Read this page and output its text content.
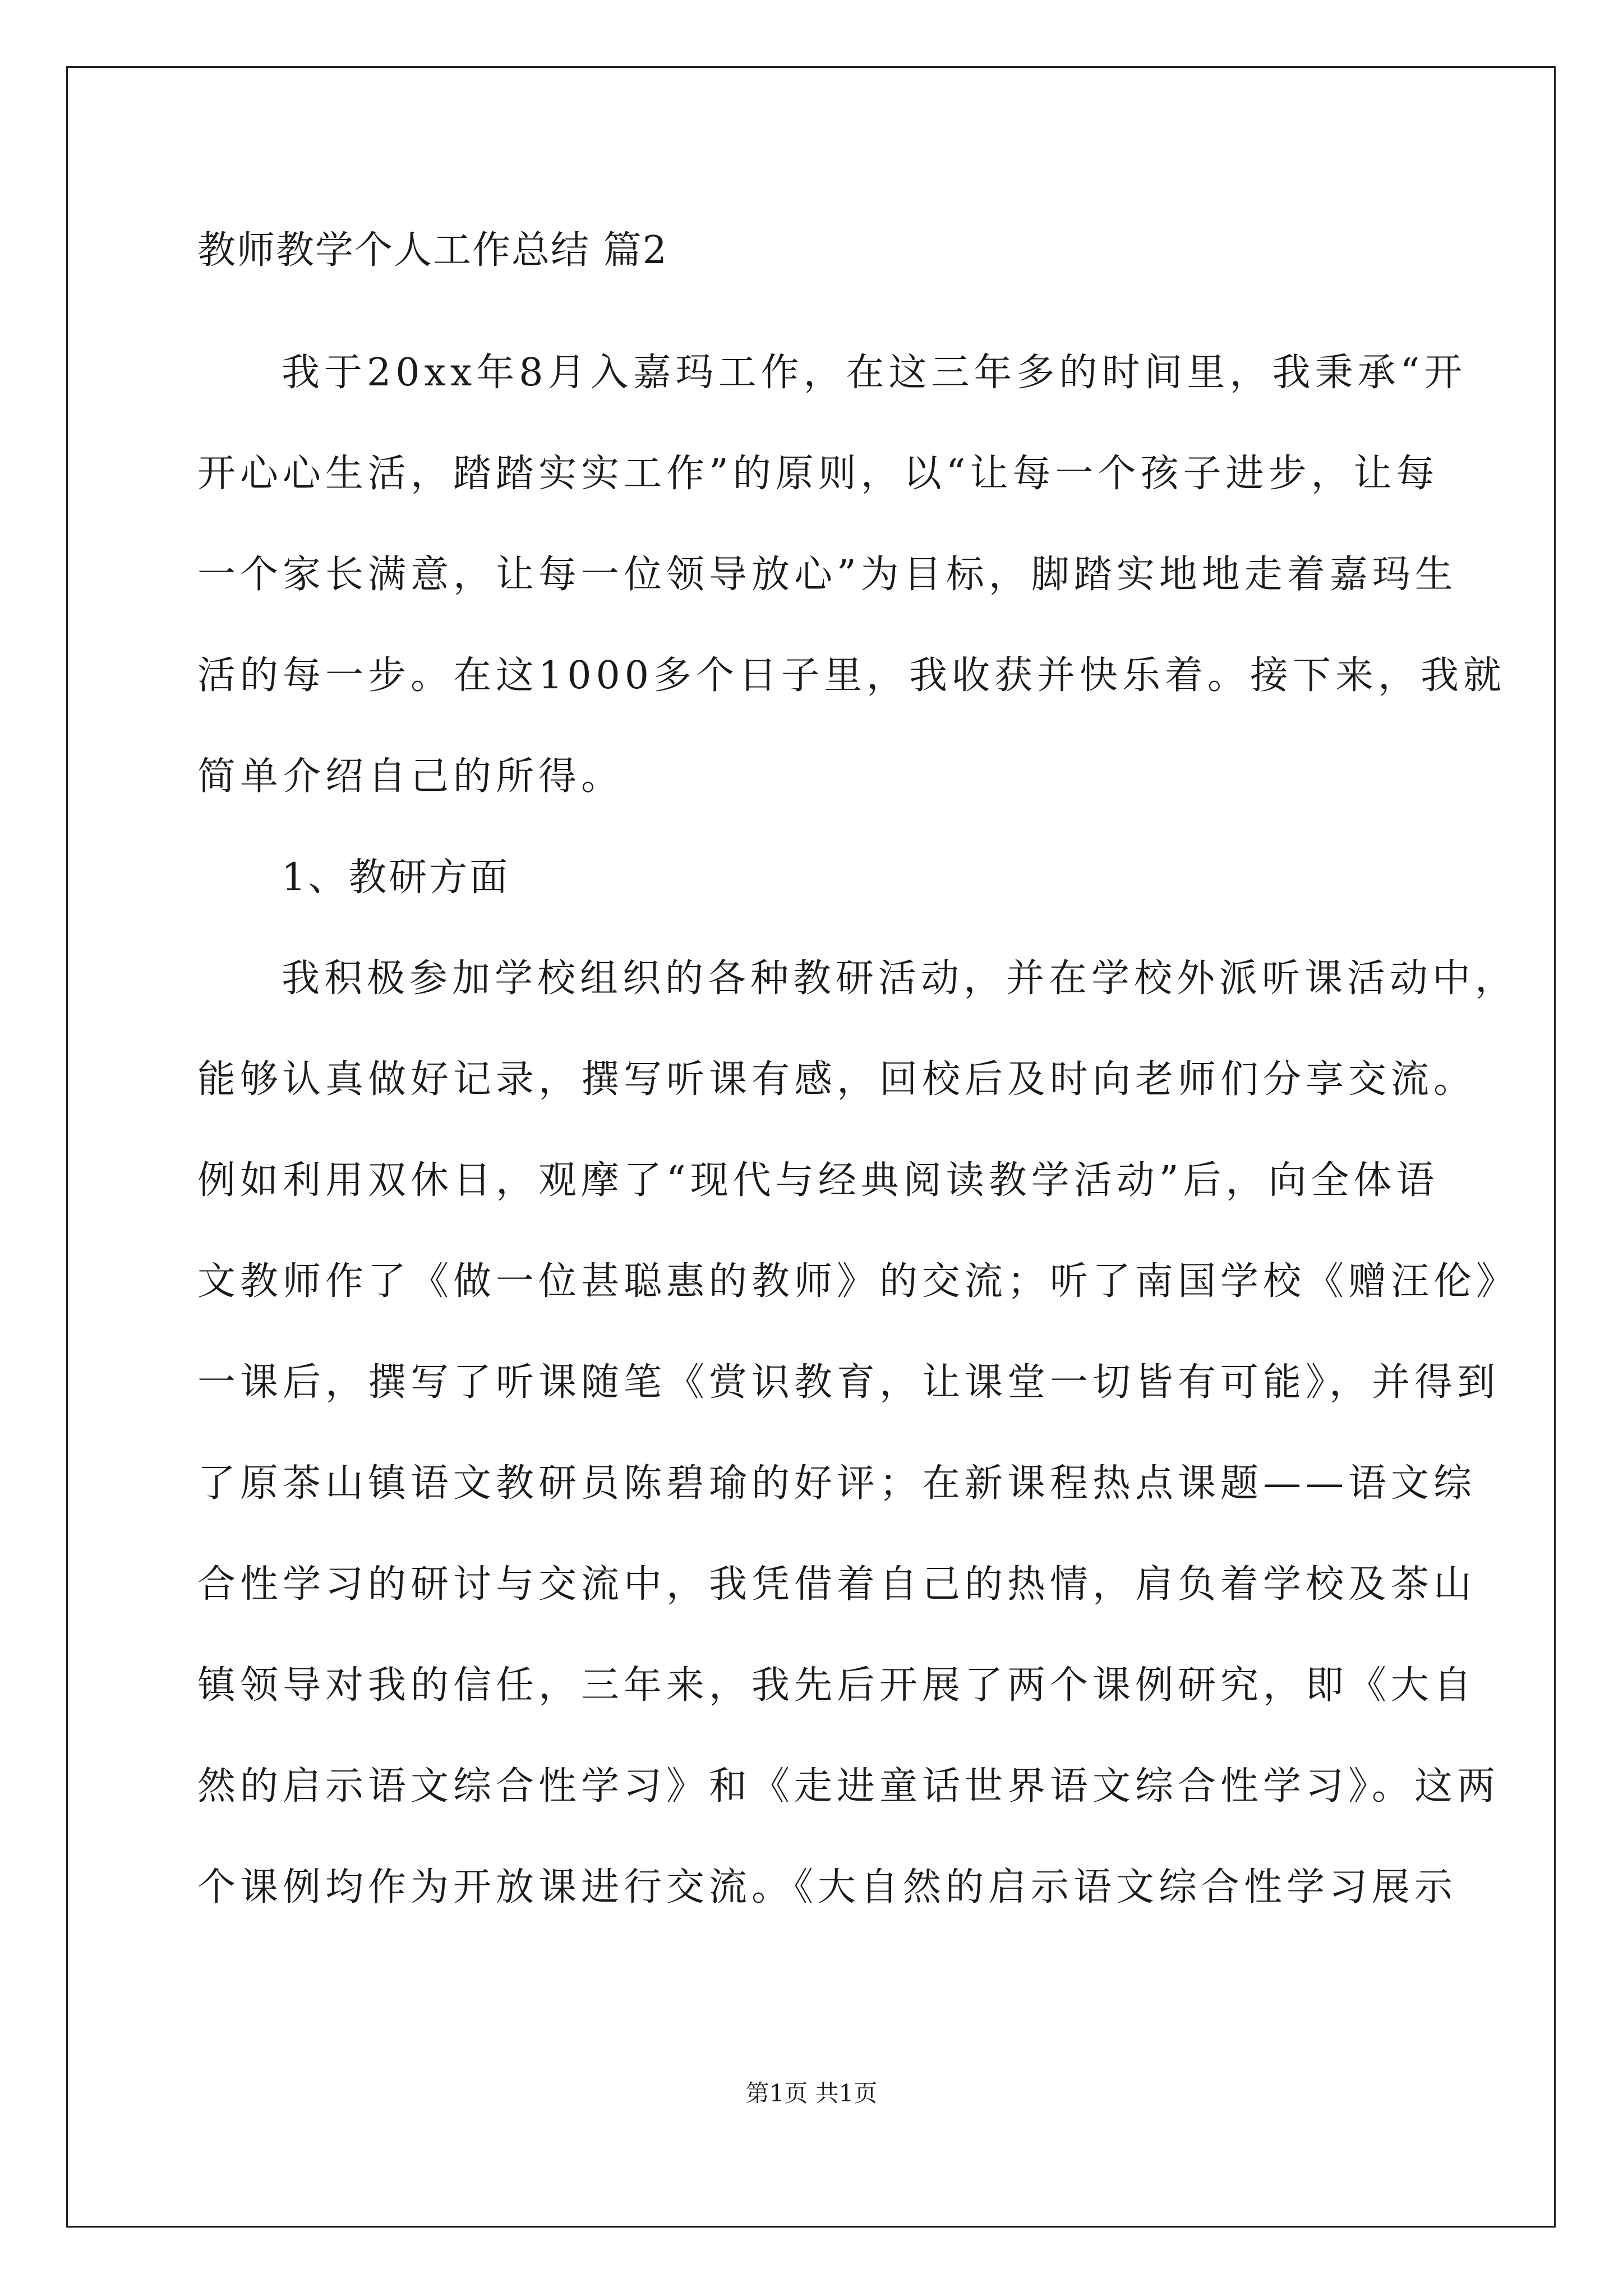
教师教学个人工作总结 篇2
我于20xx年8月入嘉玛工作，在这三年多的时间里，我秉承“开
开心心生活，踏踏实实工作”的原则，以“让每一个孩子进步，让每
一个家长满意，让每一位领导放心”为目标，脚踏实地地走着嘉玛生
活的每一步。在这1000多个日子里，我收获并快乐着。接下来，我就
简单介绍自己的所得。
1、教研方面
我积极参加学校组织的各种教研活动，并在学校外派听课活动中，
能够认真做好记录，撰写听课有感，回校后及时向老师们分享交流。
例如利用双休日，观摩了“现代与经典阅读教学活动”后，向全体语
文教师作了《做一位甚聪惠的教师》的交流；听了南国学校《赠汪伦》
一课后，撰写了听课随笔《赏识教育，让课堂一切皆有可能》，并得到
了原茶山镇语文教研员陈碧瑜的好评；在新课程热点课题——语文综
合性学习的研讨与交流中，我凭借着自己的热情，肩负着学校及茶山
镇领导对我的信任，三年来，我先后开展了两个课例研究，即《大自
然的启示语文综合性学习》和《走进童话世界语文综合性学习》。这两
个课例均作为开放课进行交流。《大自然的启示语文综合性学习展示
第1页 共1页
